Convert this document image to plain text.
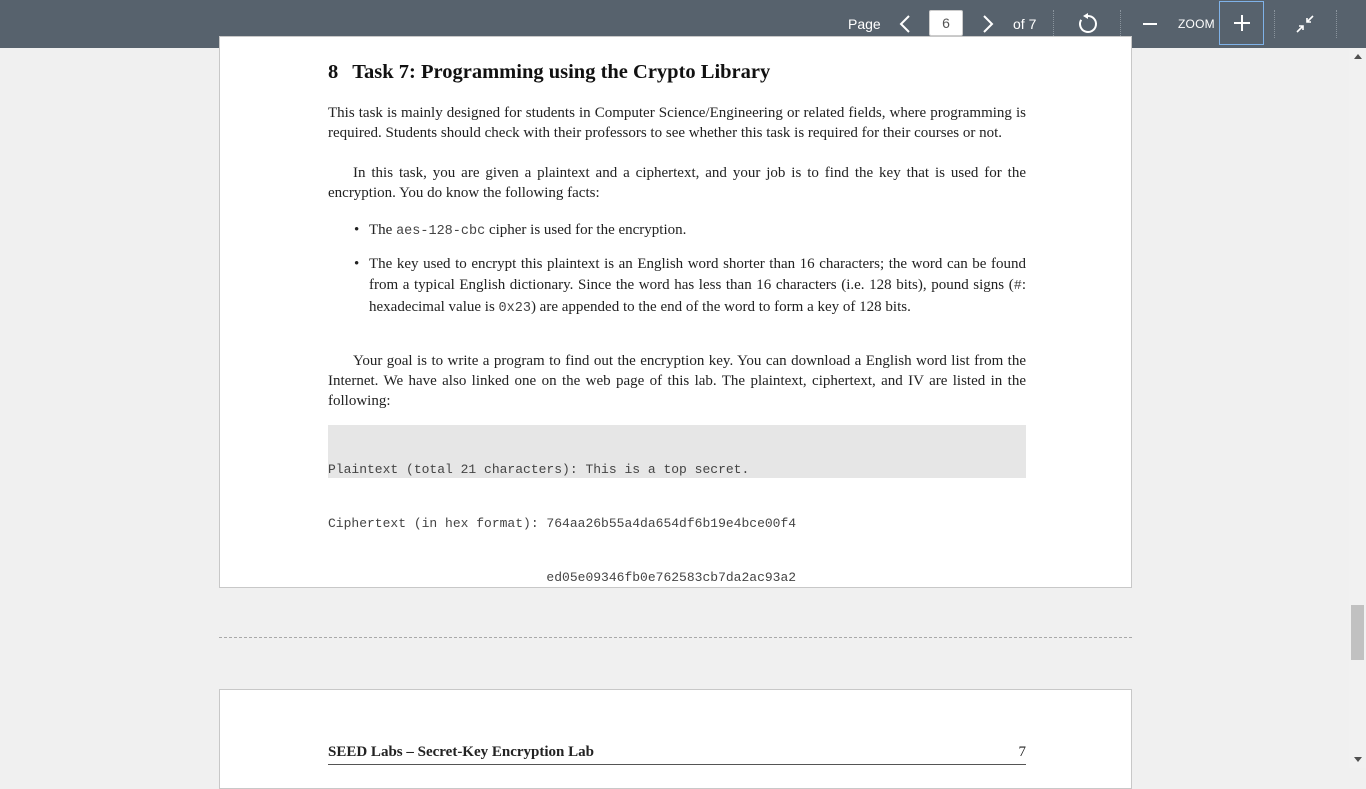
Page
6	of 7	ZOOM
8 Task 7: Programming using the Crypto Library

This task is mainly designed for students in Computer Science/Engineering or related fields, where programming is required. Students should check with their professors to see whether this task is required for their courses or not.

In this task, you are given a plaintext and a ciphertext, and your job is to find the key that is used for the encryption. You do know the following facts:

• The aes-128-cbc cipher is used for the encryption.
• The key used to encrypt this plaintext is an English word shorter than 16 characters; the word can be found from a typical English dictionary. Since the word has less than 16 characters (i.e. 128 bits), pound signs (#: hexadecimal value is 0x23) are appended to the end of the word to form a key of 128 bits.

Your goal is to write a program to find out the encryption key. You can download a English word list from the Internet. We have also linked one on the web page of this lab. The plaintext, ciphertext, and IV are listed in the following:

Plaintext (total 21 characters): This is a top secret.

Ciphertext (in hex format): 764aa26b55a4da654df6b19e4bce00f4

ed05e09346fb0e762583cb7da2ac93a2

SEED Labs – Secret-Key Encryption Lab	7
